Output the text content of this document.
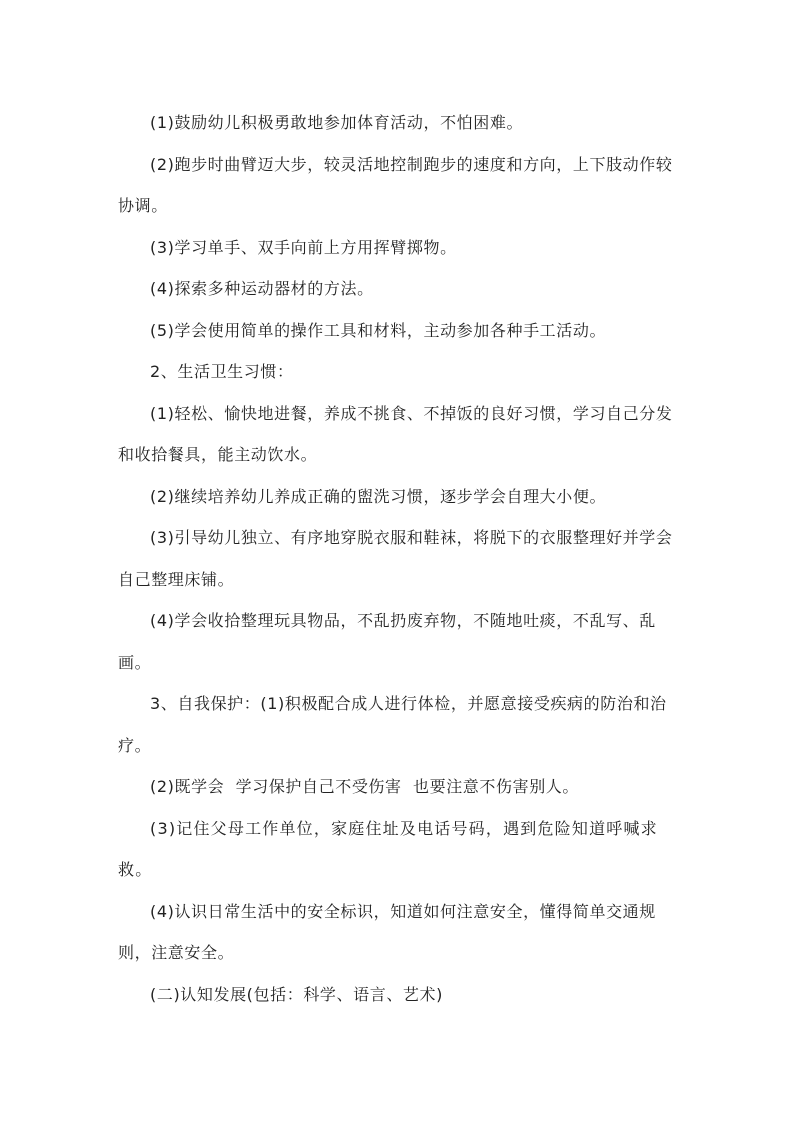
(1)鼓励幼儿积极勇敢地参加体育活动，不怕困难。

(2)跑步时曲臂迈大步，较灵活地控制跑步的速度和方向，上下肢动作较协调。

(3)学习单手、双手向前上方用挥臂掷物。

(4)探索多种运动器材的方法。

(5)学会使用简单的操作工具和材料，主动参加各种手工活动。

2、生活卫生习惯：

(1)轻松、愉快地进餐，养成不挑食、不掉饭的良好习惯，学习自己分发和收拾餐具，能主动饮水。

(2)继续培养幼儿养成正确的盥洗习惯，逐步学会自理大小便。

(3)引导幼儿独立、有序地穿脱衣服和鞋袜，将脱下的衣服整理好并学会自己整理床铺。

(4)学会收拾整理玩具物品，不乱扔废弃物，不随地吐痰，不乱写、乱画。

3、自我保护：(1)积极配合成人进行体检，并愿意接受疾病的防治和治疗。

(2)既学会  学习保护自己不受伤害  也要注意不伤害别人。

(3)记住父母工作单位，家庭住址及电话号码，遇到危险知道呼喊求救。

(4)认识日常生活中的安全标识，知道如何注意安全，懂得简单交通规则，注意安全。

(二)认知发展(包括：科学、语言、艺术)
